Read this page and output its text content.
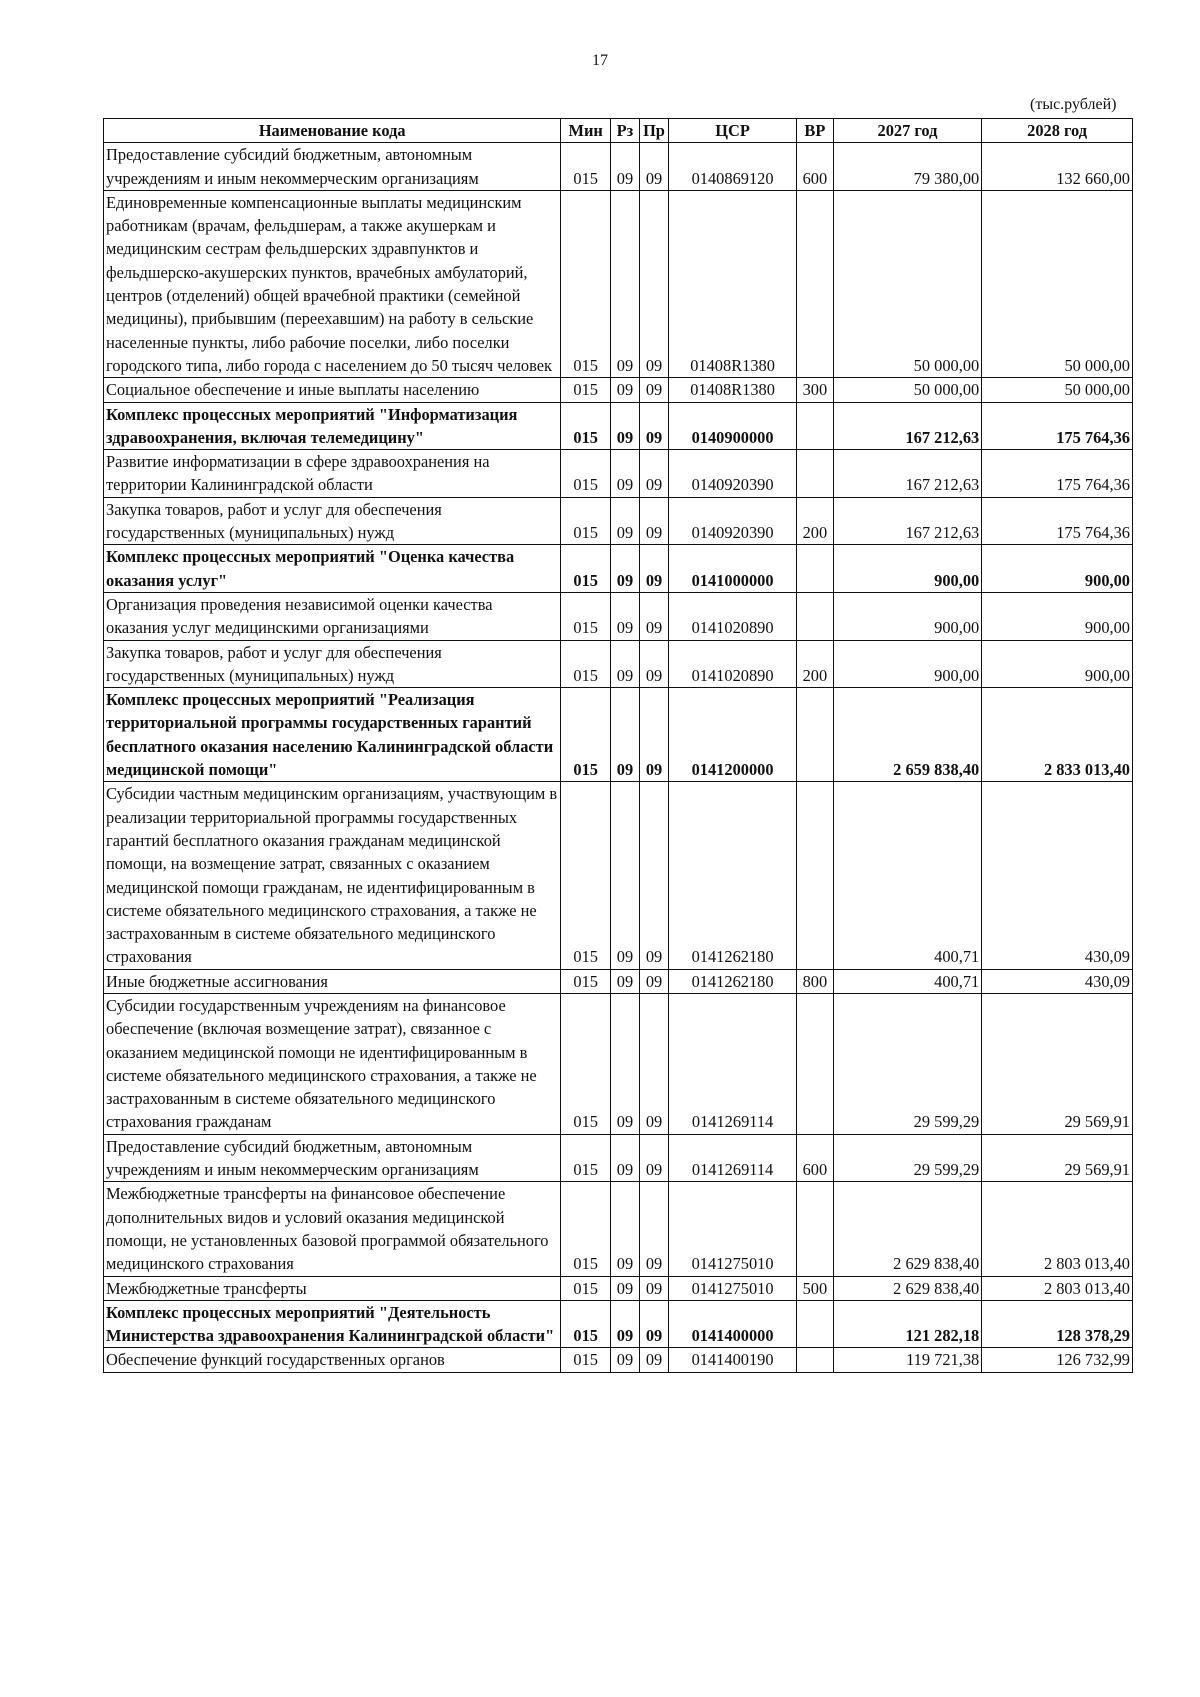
17
(тыс.рублей)
Наименование кода	Мин	Рз	Пр	ЦСР	ВР	2027 год	2028 год
Предоставление субсидий бюджетным, автономным учреждениям и иным некоммерческим организациям	015	09	09	0140869120	600	79 380,00	132 660,00
Единовременные компенсационные выплаты медицинским работникам (врачам, фельдшерам, а также акушеркам и медицинским сестрам фельдшерских здравпунктов и фельдшерско-акушерских пунктов, врачебных амбулаторий, центров (отделений) общей врачебной практики (семейной медицины), прибывшим (переехавшим) на работу в сельские населенные пункты, либо рабочие поселки, либо поселки городского типа, либо города с населением до 50 тысяч человек	015	09	09	01408R1380		50 000,00	50 000,00
Социальное обеспечение и иные выплаты населению	015	09	09	01408R1380	300	50 000,00	50 000,00
Комплекс процессных мероприятий "Информатизация здравоохранения, включая телемедицину"	015	09	09	0140900000		167 212,63	175 764,36
Развитие информатизации в сфере здравоохранения на территории Калининградской области	015	09	09	0140920390		167 212,63	175 764,36
Закупка товаров, работ и услуг для обеспечения государственных (муниципальных) нужд	015	09	09	0140920390	200	167 212,63	175 764,36
Комплекс процессных мероприятий "Оценка качества оказания услуг"	015	09	09	0141000000		900,00	900,00
Организация проведения независимой оценки качества оказания услуг медицинскими организациями	015	09	09	0141020890		900,00	900,00
Закупка товаров, работ и услуг для обеспечения государственных (муниципальных) нужд	015	09	09	0141020890	200	900,00	900,00
Комплекс процессных мероприятий "Реализация территориальной программы государственных гарантий бесплатного оказания населению Калининградской области медицинской помощи"	015	09	09	0141200000		2 659 838,40	2 833 013,40
Субсидии частным медицинским организациям, участвующим в реализации территориальной программы государственных гарантий бесплатного оказания гражданам медицинской помощи, на возмещение затрат, связанных с оказанием медицинской помощи гражданам, не идентифицированным в системе обязательного медицинского страхования, а также не застрахованным в системе обязательного медицинского страхования	015	09	09	0141262180		400,71	430,09
Иные бюджетные ассигнования	015	09	09	0141262180	800	400,71	430,09
Субсидии государственным учреждениям на финансовое обеспечение (включая возмещение затрат), связанное с оказанием медицинской помощи не идентифицированным в системе обязательного медицинского страхования, а также не застрахованным в системе обязательного медицинского страхования гражданам	015	09	09	0141269114		29 599,29	29 569,91
Предоставление субсидий бюджетным, автономным учреждениям и иным некоммерческим организациям	015	09	09	0141269114	600	29 599,29	29 569,91
Межбюджетные трансферты на финансовое обеспечение дополнительных видов и условий оказания медицинской помощи, не установленных базовой программой обязательного медицинского страхования	015	09	09	0141275010		2 629 838,40	2 803 013,40
Межбюджетные трансферты	015	09	09	0141275010	500	2 629 838,40	2 803 013,40
Комплекс процессных мероприятий "Деятельность Министерства здравоохранения Калининградской области"	015	09	09	0141400000		121 282,18	128 378,29
Обеспечение функций государственных органов	015	09	09	0141400190		119 721,38	126 732,99
